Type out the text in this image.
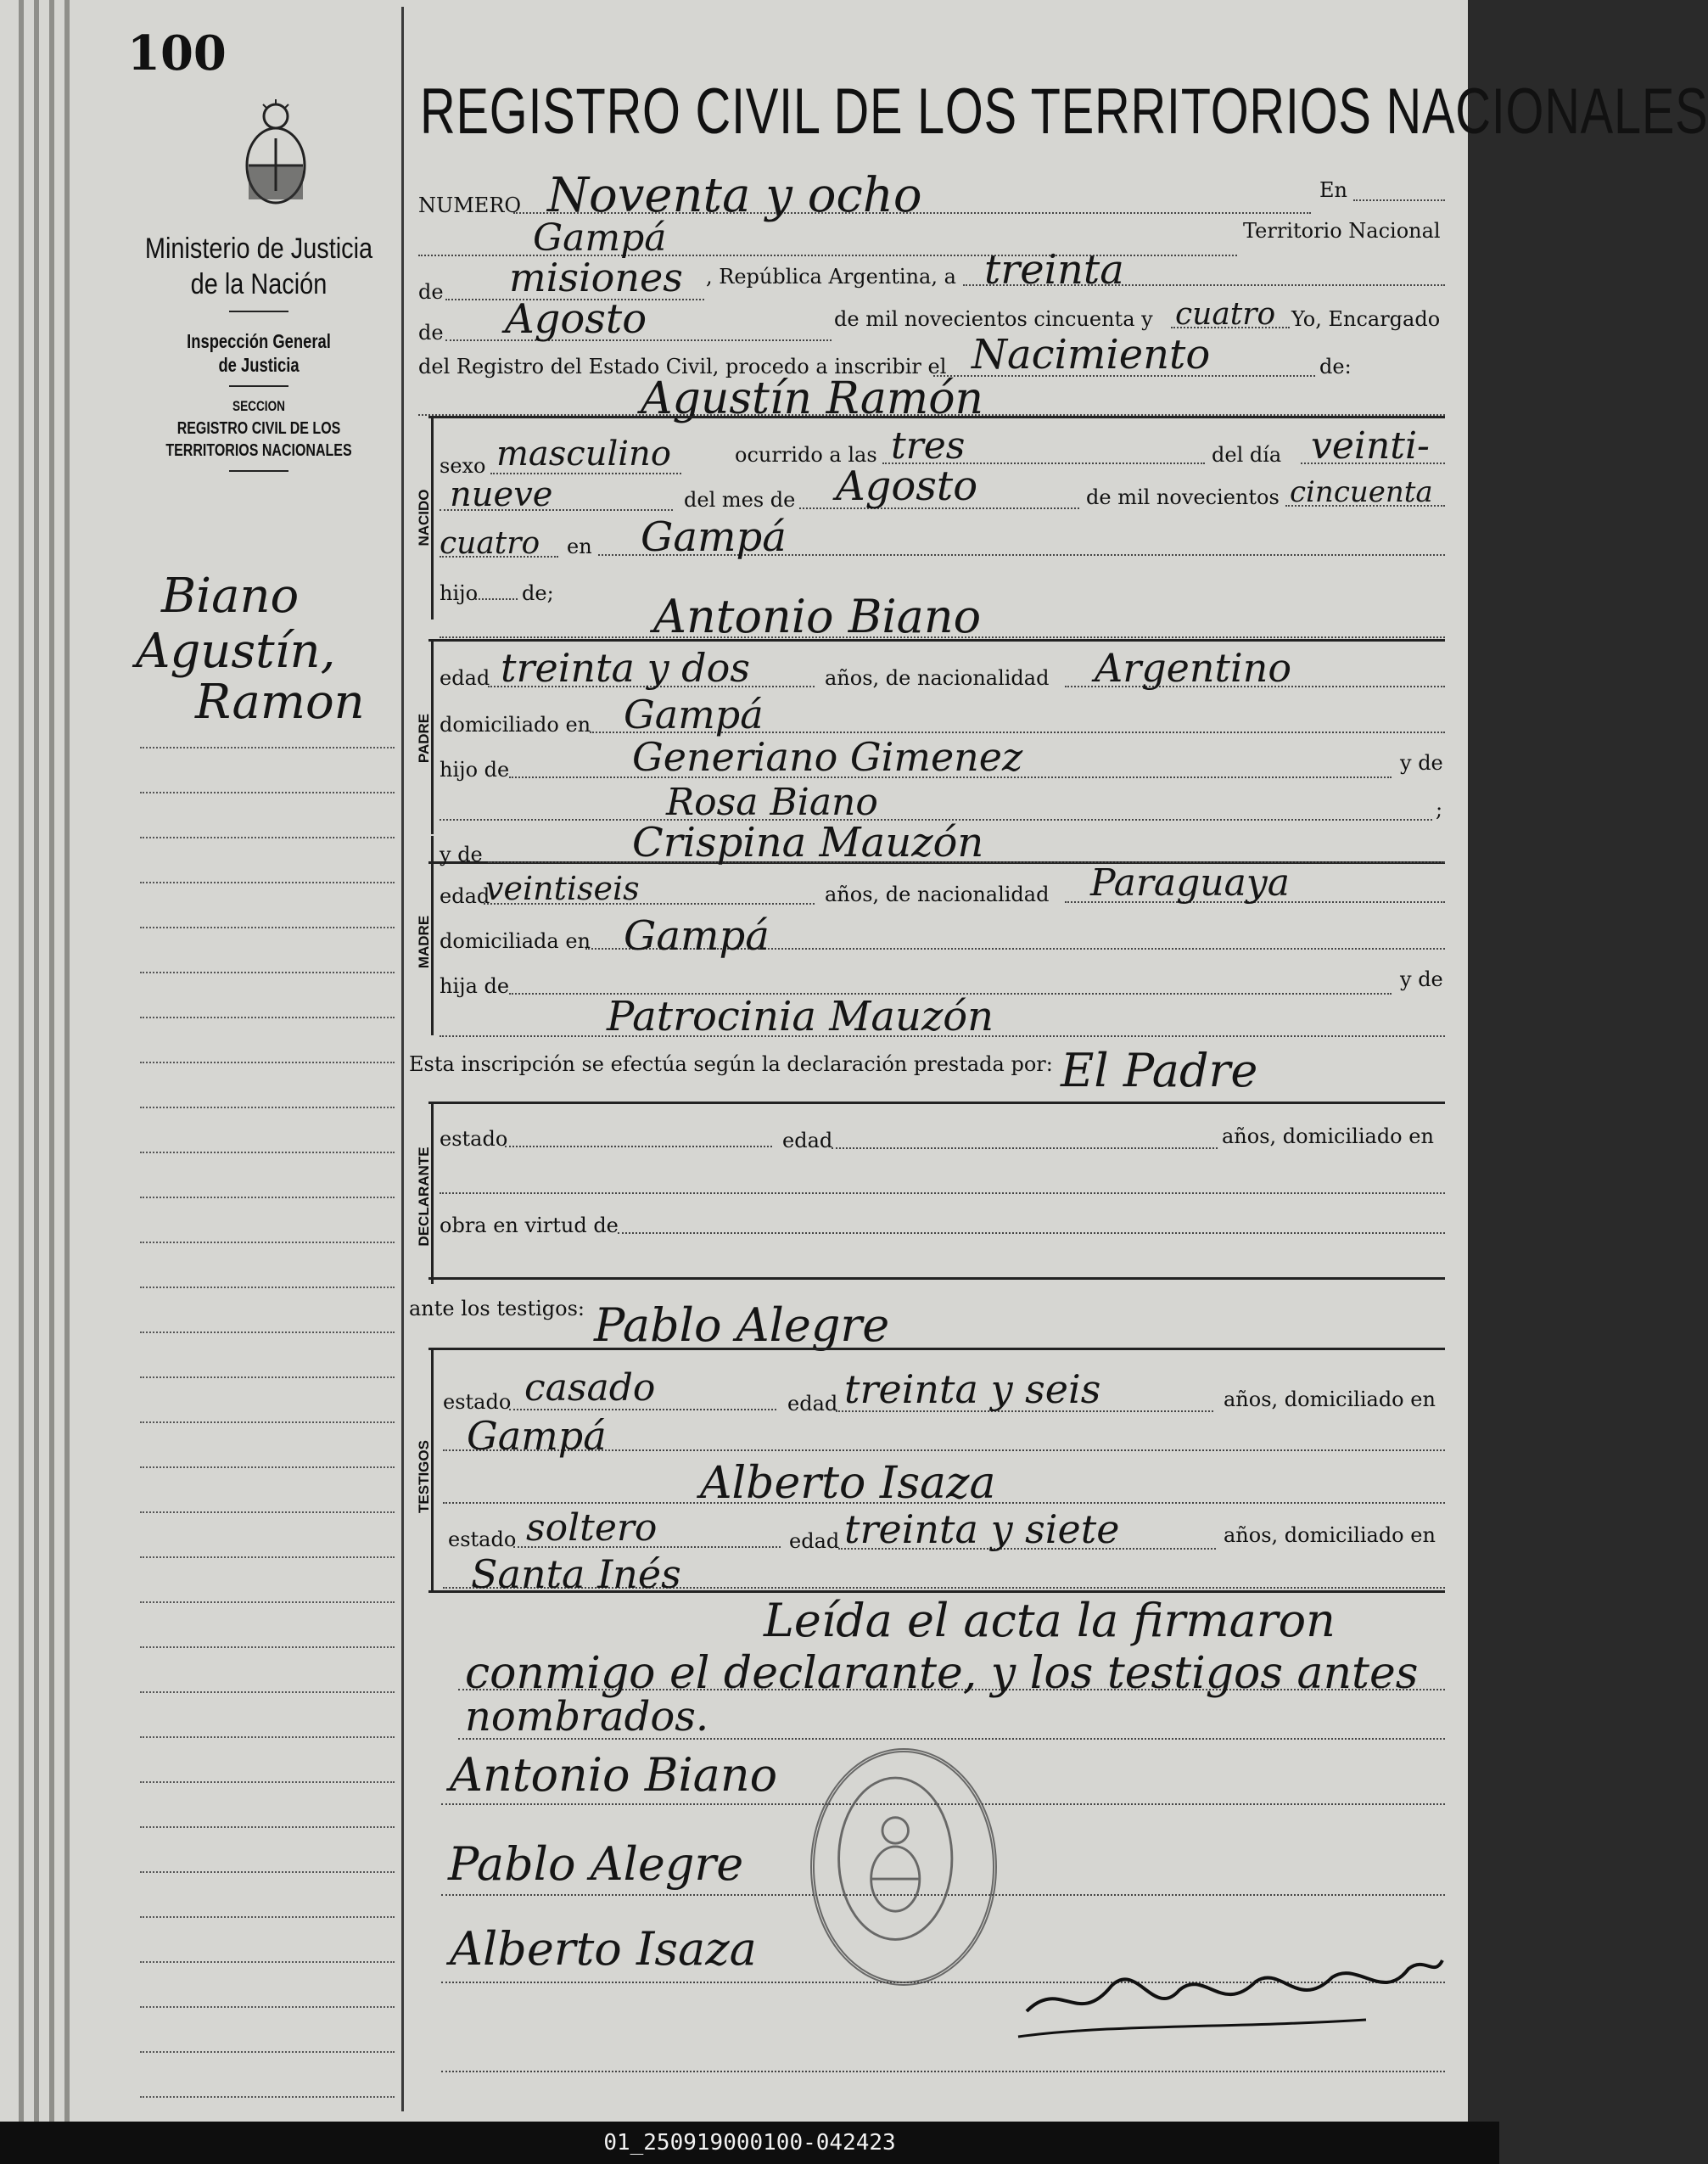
100
Ministerio de Justicia
de la Nación
Inspección General
de Justicia
SECCION
REGISTRO CIVIL DE LOS
TERRITORIOS NACIONALES
Biano
Agustín,
Ramon
REGISTRO CIVIL DE LOS TERRITORIOS NACIONALES
NUMERO Noventa y ocho	En
Gampá	Territorio Nacional
de misiones , República Argentina, a treinta
de Agosto	de mil novecientos cincuenta y cuatro Yo, Encargado
del Registro del Estado Civil, procedo a inscribir el Nacimiento	de:
Agustín Ramón
NACIDO
sexo masculino	ocurrido a las tres	del día veinti-
nueve	del mes de Agosto	de mil novecientos cincuenta
cuatro en Gampá
hijo de; Antonio Biano
PADRE
edad treinta y dos	años, de nacionalidad Argentino
domiciliado en Gampá
hijo de	Generiano Gimenez	y de
Rosa Biano	;
MADRE
y de	Crispina Mauzón
edad
veintiseis	años, de nacionalidad Paraguaya
domiciliada en Gampá
hija de	y de
Patrocinia Mauzón
Esta inscripción se efectúa según la declaración prestada por: El Padre
DECLARANTE
estado	edad	años, domiciliado en
obra en virtud de
ante los testigos: Pablo Alegre
TESTIGOS
estado casado	edad treinta y seis	años, domiciliado en
Gampá
Alberto Isaza
estado soltero	edad treinta y siete	años, domiciliado en
Santa Inés
Leída el acta la firmaron
conmigo el declarante, y los testigos antes
nombrados.
Antonio Biano
Pablo Alegre
Alberto Isaza
01_250919000100-042423
